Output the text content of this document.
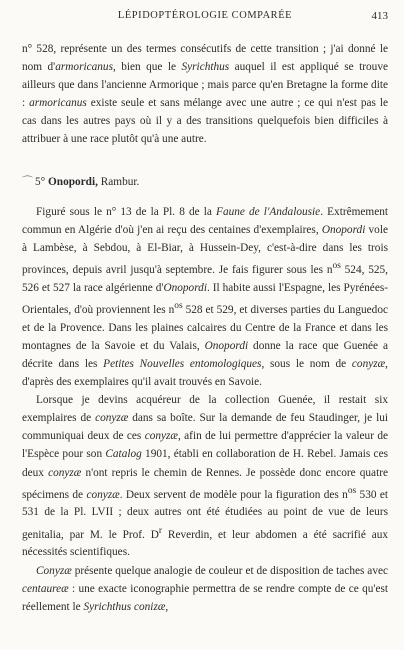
LÉPIDOPTÉROLOGIE COMPARÉE	413

n° 528, représente un des termes consécutifs de cette transition ; j'ai donné le nom d'armoricanus, bien que le Syrichthus auquel il est appliqué se trouve ailleurs que dans l'ancienne Armorique ; mais parce qu'en Bretagne la forme dite : armoricanus existe seule et sans mélange avec une autre ; ce qui n'est pas le cas dans les autres pays où il y a des transitions quelquefois bien difficiles à attribuer à une race plutôt qu'à une autre.

⌒ 5° Onopordi, Rambur.

Figuré sous le n° 13 de la Pl. 8 de la Faune de l'Andalousie. Extrêmement commun en Algérie d'où j'en ai reçu des centaines d'exemplaires, Onopordi vole à Lambèse, à Sebdou, à El-Biar, à Hussein-Dey, c'est-à-dire dans les trois provinces, depuis avril jusqu'à septembre. Je fais figurer sous les $n^{os}$ 524, 525, 526 et 527 la race algérienne d'Onopordi. Il habite aussi l'Espagne, les Pyrénées-Orientales, d'où proviennent les $n^{os}$ 528 et 529, et diverses parties du Languedoc et de la Provence. Dans les plaines calcaires du Centre de la France et dans les montagnes de la Savoie et du Valais, Onopordi donne la race que Guenée a décrite dans les Petites Nouvelles entomologiques, sous le nom de conyzæ, d'après des exemplaires qu'il avait trouvés en Savoie.

Lorsque je devins acquéreur de la collection Guenée, il restait six exemplaires de conyzæ dans sa boîte. Sur la demande de feu Staudinger, je lui communiquai deux de ces conyzæ, afin de lui permettre d'apprécier la valeur de l'Espèce pour son Catalog 1901, établi en collaboration de H. Rebel. Jamais ces deux conyzæ n'ont repris le chemin de Rennes. Je possède donc encore quatre spécimens de conyzæ. Deux servent de modèle pour la figuration des $n^{os}$ 530 et 531 de la Pl. LVII ; deux autres ont été étudiées au point de vue de leurs genitalia, par M. le Prof. $D^r$ Reverdin, et leur abdomen a été sacrifié aux nécessités scientifiques.

Conyzæ présente quelque analogie de couleur et de disposition de taches avec centaureæ : une exacte iconographie permettra de se rendre compte de ce qu'est réellement le Syrichthus conizæ,
